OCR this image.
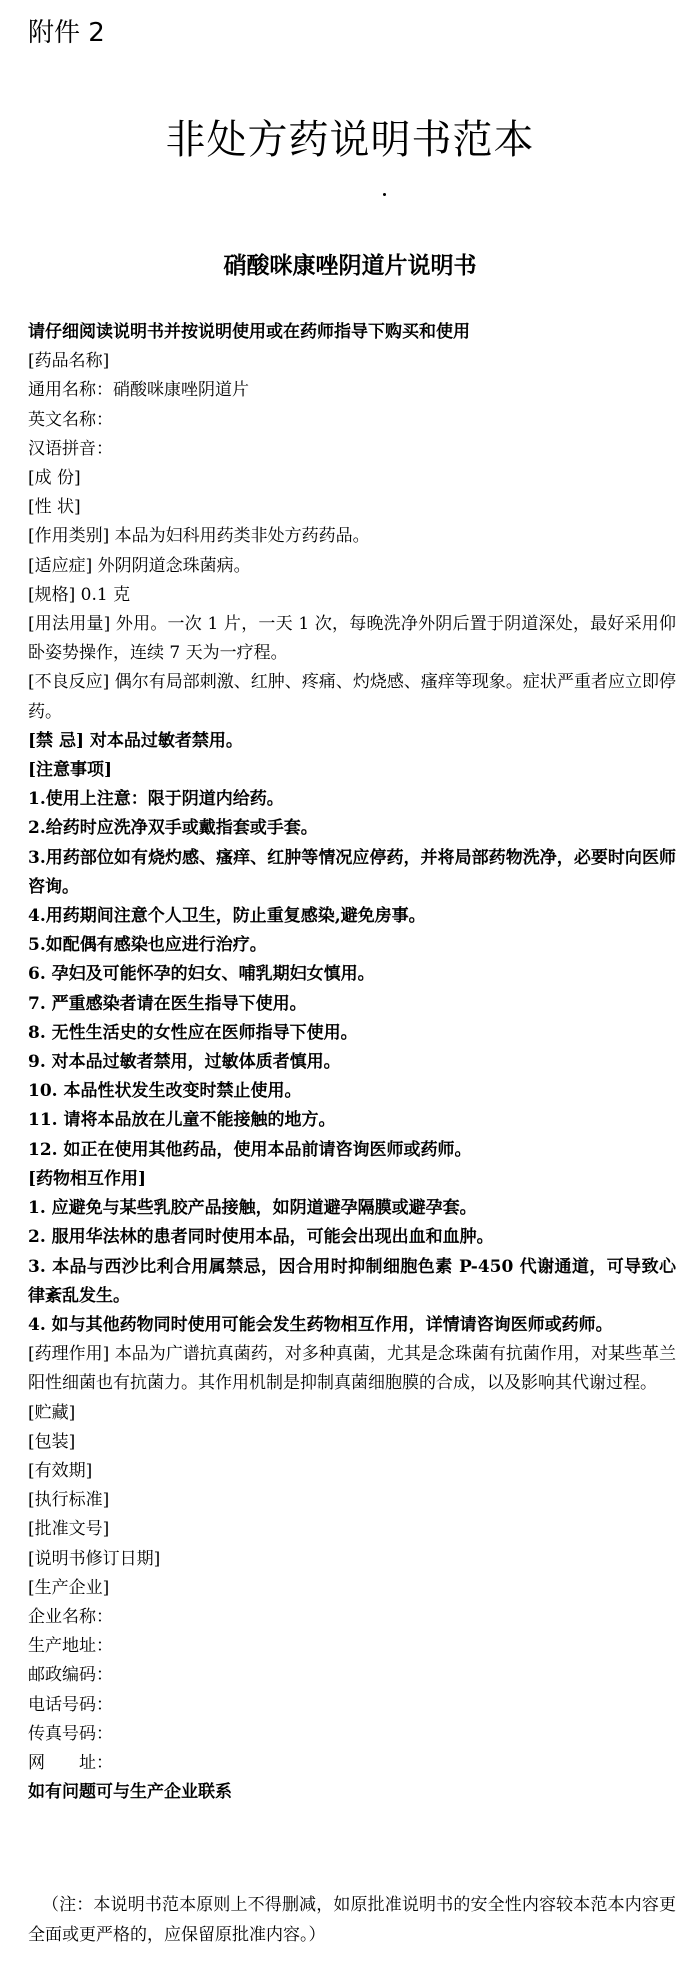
附件 2
非处方药说明书范本
硝酸咪康唑阴道片说明书

请仔细阅读说明书并按说明使用或在药师指导下购买和使用

[药品名称]

通用名称：硝酸咪康唑阴道片

英文名称：

汉语拼音：

[成 份]

[性 状]

[作用类别] 本品为妇科用药类非处方药药品。

[适应症] 外阴阴道念珠菌病。

[规格] 0.1 克

[用法用量] 外用。一次 1 片，一天 1 次，每晚洗净外阴后置于阴道深处，最好采用仰卧姿势操作，连续 7 天为一疗程。

[不良反应] 偶尔有局部刺激、红肿、疼痛、灼烧感、瘙痒等现象。症状严重者应立即停药。

[禁 忌] 对本品过敏者禁用。

[注意事项]

1.使用上注意：限于阴道内给药。

2.给药时应洗净双手或戴指套或手套。

3.用药部位如有烧灼感、瘙痒、红肿等情况应停药，并将局部药物洗净，必要时向医师咨询。

4.用药期间注意个人卫生，防止重复感染,避免房事。

5.如配偶有感染也应进行治疗。

6. 孕妇及可能怀孕的妇女、哺乳期妇女慎用。

7. 严重感染者请在医生指导下使用。

8. 无性生活史的女性应在医师指导下使用。

9. 对本品过敏者禁用，过敏体质者慎用。

10. 本品性状发生改变时禁止使用。

11. 请将本品放在儿童不能接触的地方。

12. 如正在使用其他药品，使用本品前请咨询医师或药师。

[药物相互作用]

1. 应避免与某些乳胶产品接触，如阴道避孕隔膜或避孕套。

2. 服用华法林的患者同时使用本品，可能会出现出血和血肿。

3. 本品与西沙比利合用属禁忌，因合用时抑制细胞色素 P-450 代谢通道，可导致心律紊乱发生。

4. 如与其他药物同时使用可能会发生药物相互作用，详情请咨询医师或药师。

[药理作用] 本品为广谱抗真菌药，对多种真菌，尤其是念珠菌有抗菌作用，对某些革兰阳性细菌也有抗菌力。其作用机制是抑制真菌细胞膜的合成，以及影响其代谢过程。

[贮藏]

[包装]

[有效期]

[执行标准]

[批准文号]

[说明书修订日期]

[生产企业]

企业名称：

生产地址：

邮政编码：

电话号码：

传真号码：

网　　址：

如有问题可与生产企业联系

（注：本说明书范本原则上不得删减，如原批准说明书的安全性内容较本范本内容更全面或更严格的，应保留原批准内容。）
